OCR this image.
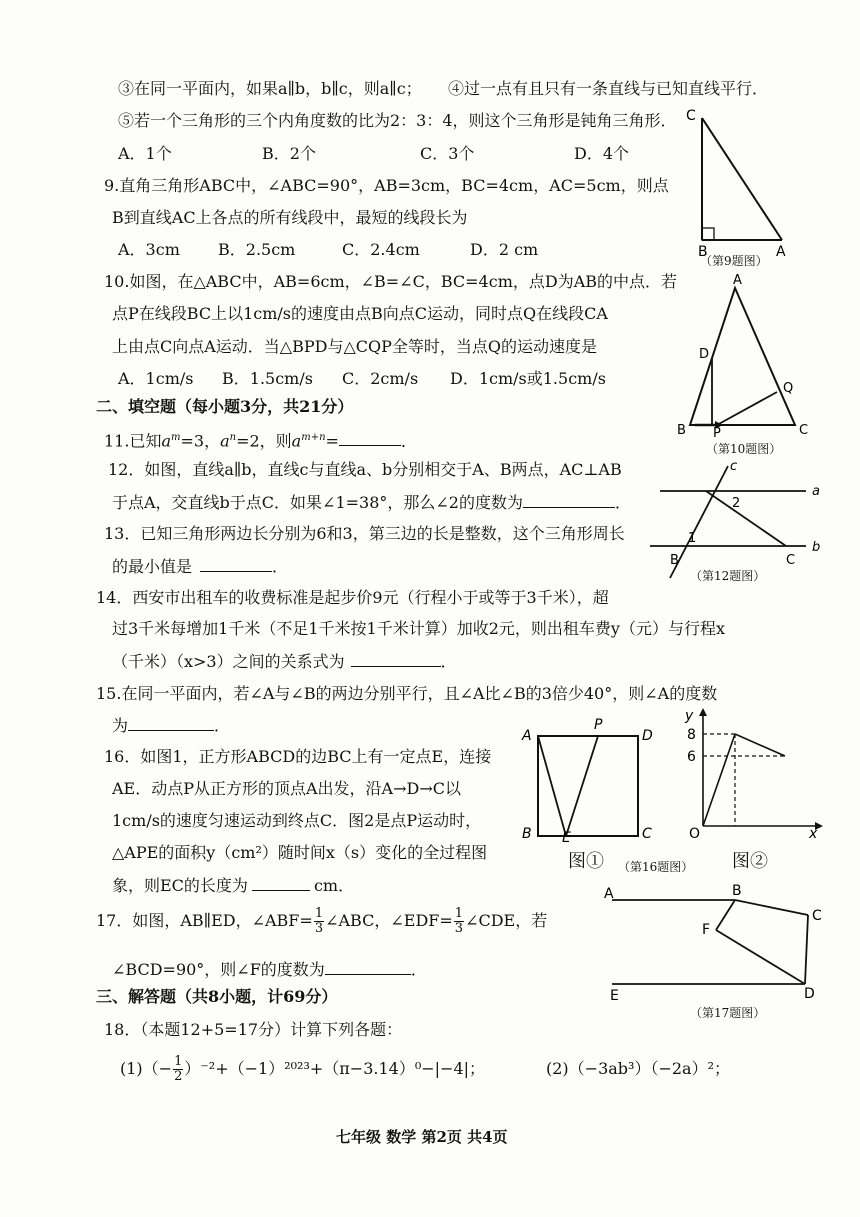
③在同一平面内，如果a∥b，b∥c，则a∥c； ④过一点有且只有一条直线与已知直线平行．
⑤若一个三角形的三个内角度数的比为2：3：4，则这个三角形是钝角三角形．
A．1个	B．2个	C．3个	D．4个
9.直角三角形ABC中，∠ABC=90°，AB=3cm，BC=4cm，AC=5cm，则点
B到直线AC上各点的所有线段中，最短的线段长为
A．3cm B．2.5cm	C．2.4cm	D．2 cm
C
B	A
（第9题图）
10.如图，在△ABC中，AB=6cm，∠B=∠C，BC=4cm，点D为AB的中点．若
点P在线段BC上以1cm/s的速度由点B向点C运动，同时点Q在线段CA
上由点C向点A运动．当△BPD与△CQP全等时，当点Q的运动速度是
A．1cm/s B．1.5cm/s C．2cm/s D．1cm/s或1.5cm/s
A
D
Q
B P	C
（第10题图）
二、填空题（每小题3分，共21分）
11.已知$a^m=3$，$a^n=2$，则$a^{m+n}=$	．
12．如图，直线a∥b，直线c与直线a、b分别相交于A、B两点，AC⊥AB
于点A，交直线b于点C．如果∠1=38°，那么∠2的度数为	．
c
a
b
1
2
B	C
（第12题图）
13．已知三角形两边长分别为6和3，第三边的长是整数，这个三角形周长
的最小值是	．
14．西安市出租车的收费标准是起步价9元（行程小于或等于3千米），超
过3千米每增加1千米（不足1千米按1千米计算）加收2元，则出租车费y（元）与行程x
（千米）（x>3）之间的关系式为	．
15.在同一平面内，若∠A与∠B的两边分别平行，且∠A比∠B的3倍少40°，则∠A的度数
为	．
16．如图1，正方形ABCD的边BC上有一定点E，连接
AE．动点P从正方形的顶点A出发，沿A→D→C以
1cm/s的速度匀速运动到终点C．图2是点P运动时，
△APE的面积y（cm²）随时间x（s）变化的全过程图
象，则EC的长度为	cm．
A
P
D
B E	C
图① （第16题图）
y
8
6
O	x
图②
17．如图，AB∥ED，∠ABF= $\frac{1}{3}$ ∠ABC，∠EDF= $\frac{1}{3}$ ∠CDE，若
∠BCD=90°，则∠F的度数为	．
A	B
C
F
E	D
（第17题图）
三、解答题（共8小题，计69分）
18．（本题12+5=17分）计算下列各题：
$(1)(- \frac{1}{2} )^{-2}+(-1)^{2023}+(\pi-3.14)^0-|-4|$；	(2)（−3ab³）（−2a）²；
七年级 数学 第2页 共4页
